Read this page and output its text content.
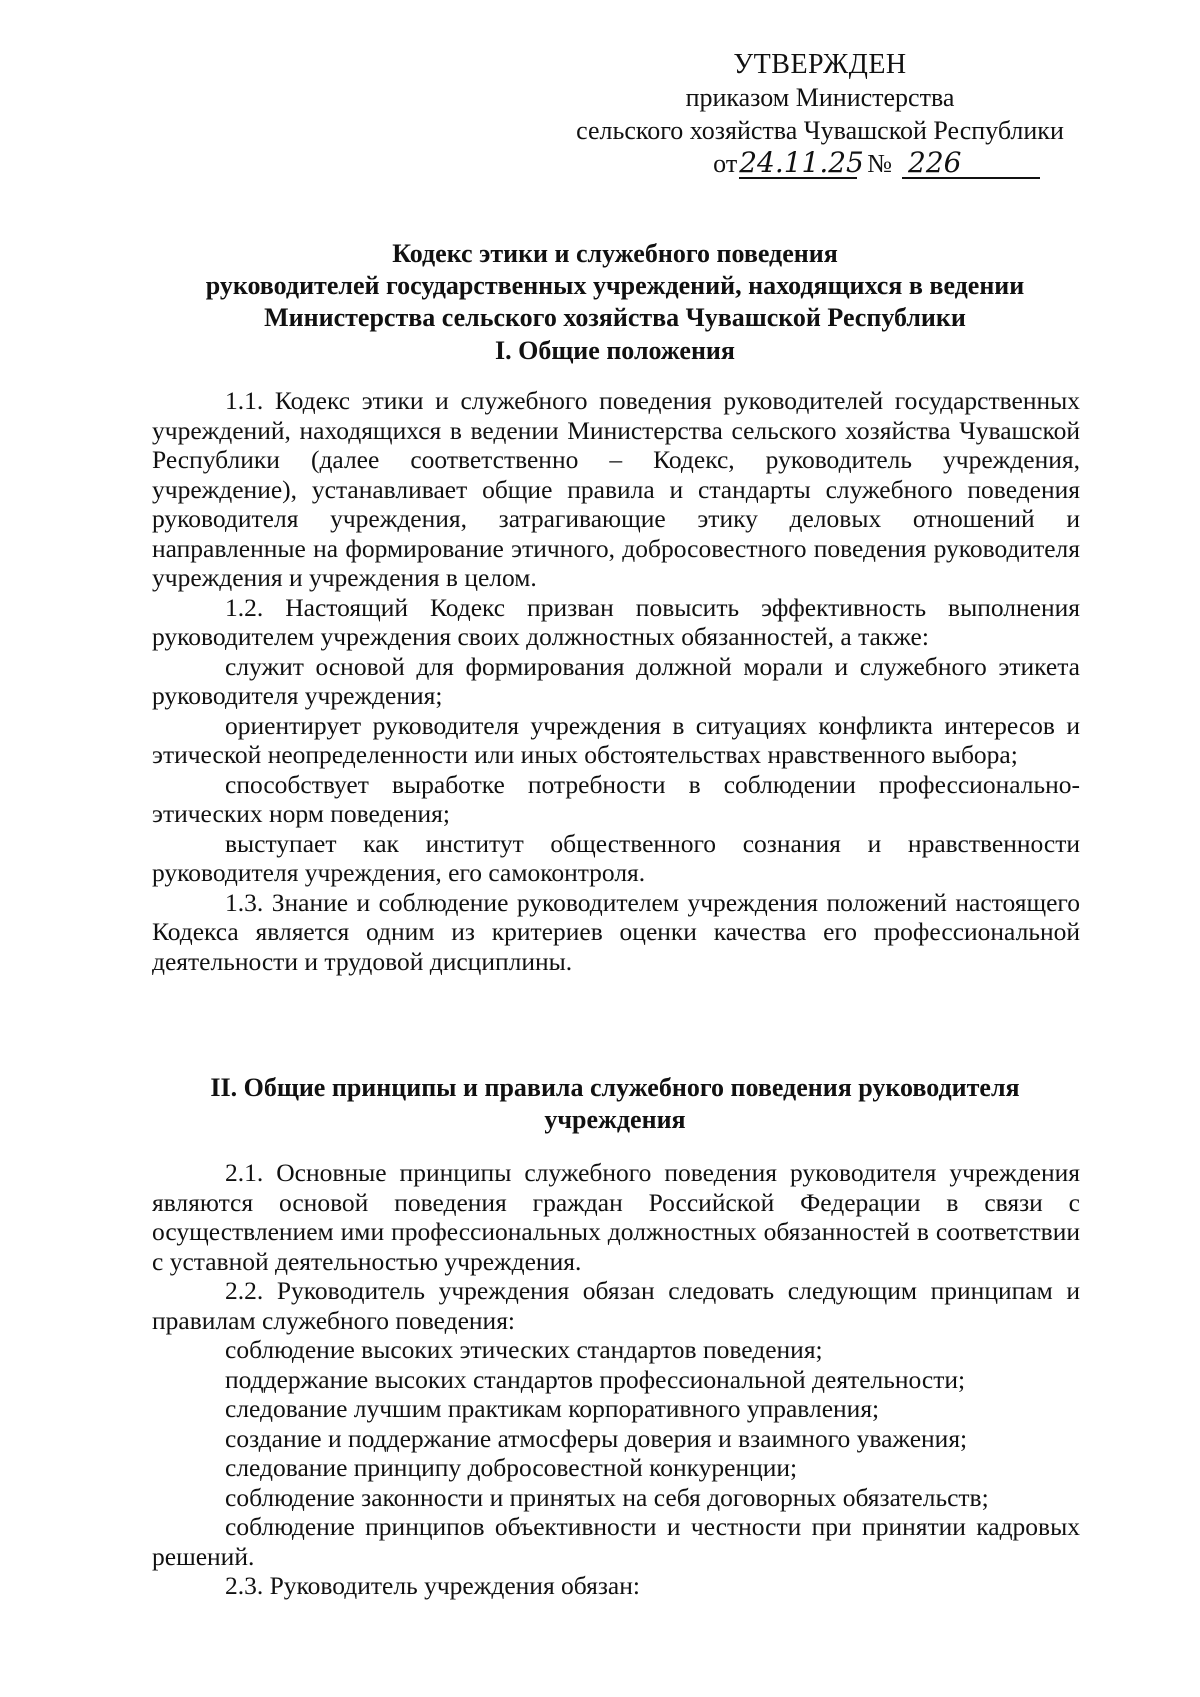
УТВЕРЖДЕН
приказом Министерства
сельского хозяйства Чувашской Республики
от 24.11.25 № 226
Кодекс этики и служебного поведения
руководителей государственных учреждений, находящихся в ведении
Министерства сельского хозяйства Чувашской Республики
I. Общие положения

1.1. Кодекс этики и служебного поведения руководителей государственных учреждений, находящихся в ведении Министерства сельского хозяйства Чувашской Республики (далее соответственно – Кодекс, руководитель учреждения, учреждение), устанавливает общие правила и стандарты служебного поведения руководителя учреждения, затрагивающие этику деловых отношений и направленные на формирование этичного, добросовестного поведения руководителя учреждения и учреждения в целом.

1.2. Настоящий Кодекс призван повысить эффективность выполнения руководителем учреждения своих должностных обязанностей, а также:

служит основой для формирования должной морали и служебного этикета руководителя учреждения;

ориентирует руководителя учреждения в ситуациях конфликта интересов и этической неопределенности или иных обстоятельствах нравственного выбора;

способствует выработке потребности в соблюдении профессионально-этических норм поведения;

выступает как институт общественного сознания и нравственности руководителя учреждения, его самоконтроля.

1.3. Знание и соблюдение руководителем учреждения положений настоящего Кодекса является одним из критериев оценки качества его профессиональной деятельности и трудовой дисциплины.

II. Общие принципы и правила служебного поведения руководителя
учреждения

2.1. Основные принципы служебного поведения руководителя учреждения являются основой поведения граждан Российской Федерации в связи с осуществлением ими профессиональных должностных обязанностей в соответствии с уставной деятельностью учреждения.

2.2. Руководитель учреждения обязан следовать следующим принципам и правилам служебного поведения:

соблюдение высоких этических стандартов поведения;

поддержание высоких стандартов профессиональной деятельности;

следование лучшим практикам корпоративного управления;

создание и поддержание атмосферы доверия и взаимного уважения;

следование принципу добросовестной конкуренции;

соблюдение законности и принятых на себя договорных обязательств;

соблюдение принципов объективности и честности при принятии кадровых решений.

2.3. Руководитель учреждения обязан:
